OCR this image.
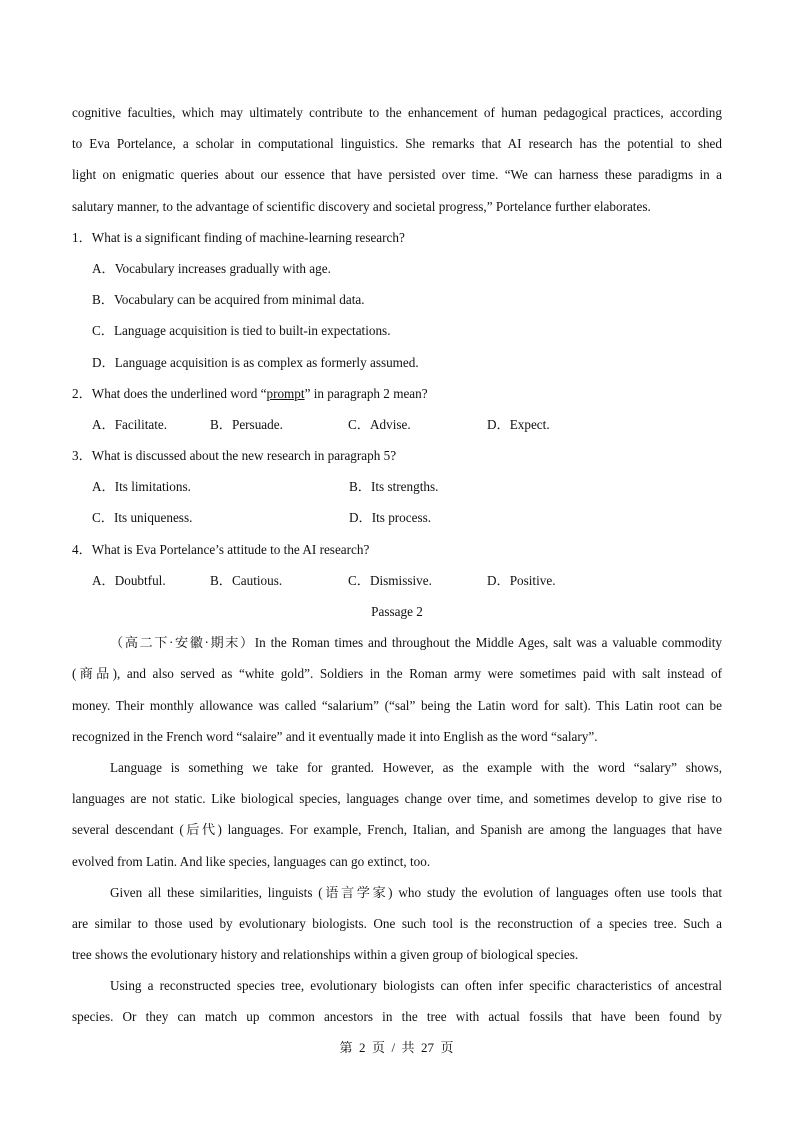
cognitive faculties, which may ultimately contribute to the enhancement of human pedagogical practices, according
to Eva Portelance, a scholar in computational linguistics. She remarks that AI research has the potential to shed
light on enigmatic queries about our essence that have persisted over time. “We can harness these paradigms in a
salutary manner, to the advantage of scientific discovery and societal progress,” Portelance further elaborates.
1．What is a significant finding of machine-learning research?
A．Vocabulary increases gradually with age.
B．Vocabulary can be acquired from minimal data.
C．Language acquisition is tied to built-in expectations.
D．Language acquisition is as complex as formerly assumed.
2．What does the underlined word “prompt” in paragraph 2 mean?
A．Facilitate.	B．Persuade.	C．Advise.	D．Expect.
3．What is discussed about the new research in paragraph 5?
A．Its limitations.	B．Its strengths.
C．Its uniqueness.	D．Its process.
4．What is Eva Portelance’s attitude to the AI research?
A．Doubtful.	B．Cautious.	C．Dismissive.	D．Positive.
Passage 2
（高二下·安徽·期末）In the Roman times and throughout the Middle Ages, salt was a valuable commodity
(商品), and also served as “white gold”. Soldiers in the Roman army were sometimes paid with salt instead of
money. Their monthly allowance was called “salarium” (“sal” being the Latin word for salt). This Latin root can be
recognized in the French word “salaire” and it eventually made it into English as the word “salary”.
Language is something we take for granted. However, as the example with the word “salary” shows,
languages are not static. Like biological species, languages change over time, and sometimes develop to give rise to
several descendant (后代) languages. For example, French, Italian, and Spanish are among the languages that have
evolved from Latin. And like species, languages can go extinct, too.
Given all these similarities, linguists (语言学家) who study the evolution of languages often use tools that
are similar to those used by evolutionary biologists. One such tool is the reconstruction of a species tree. Such a
tree shows the evolutionary history and relationships within a given group of biological species.
Using a reconstructed species tree, evolutionary biologists can often infer specific characteristics of ancestral
species. Or they can match up common ancestors in the tree with actual fossils that have been found by
第  2  页  /  共  27  页
